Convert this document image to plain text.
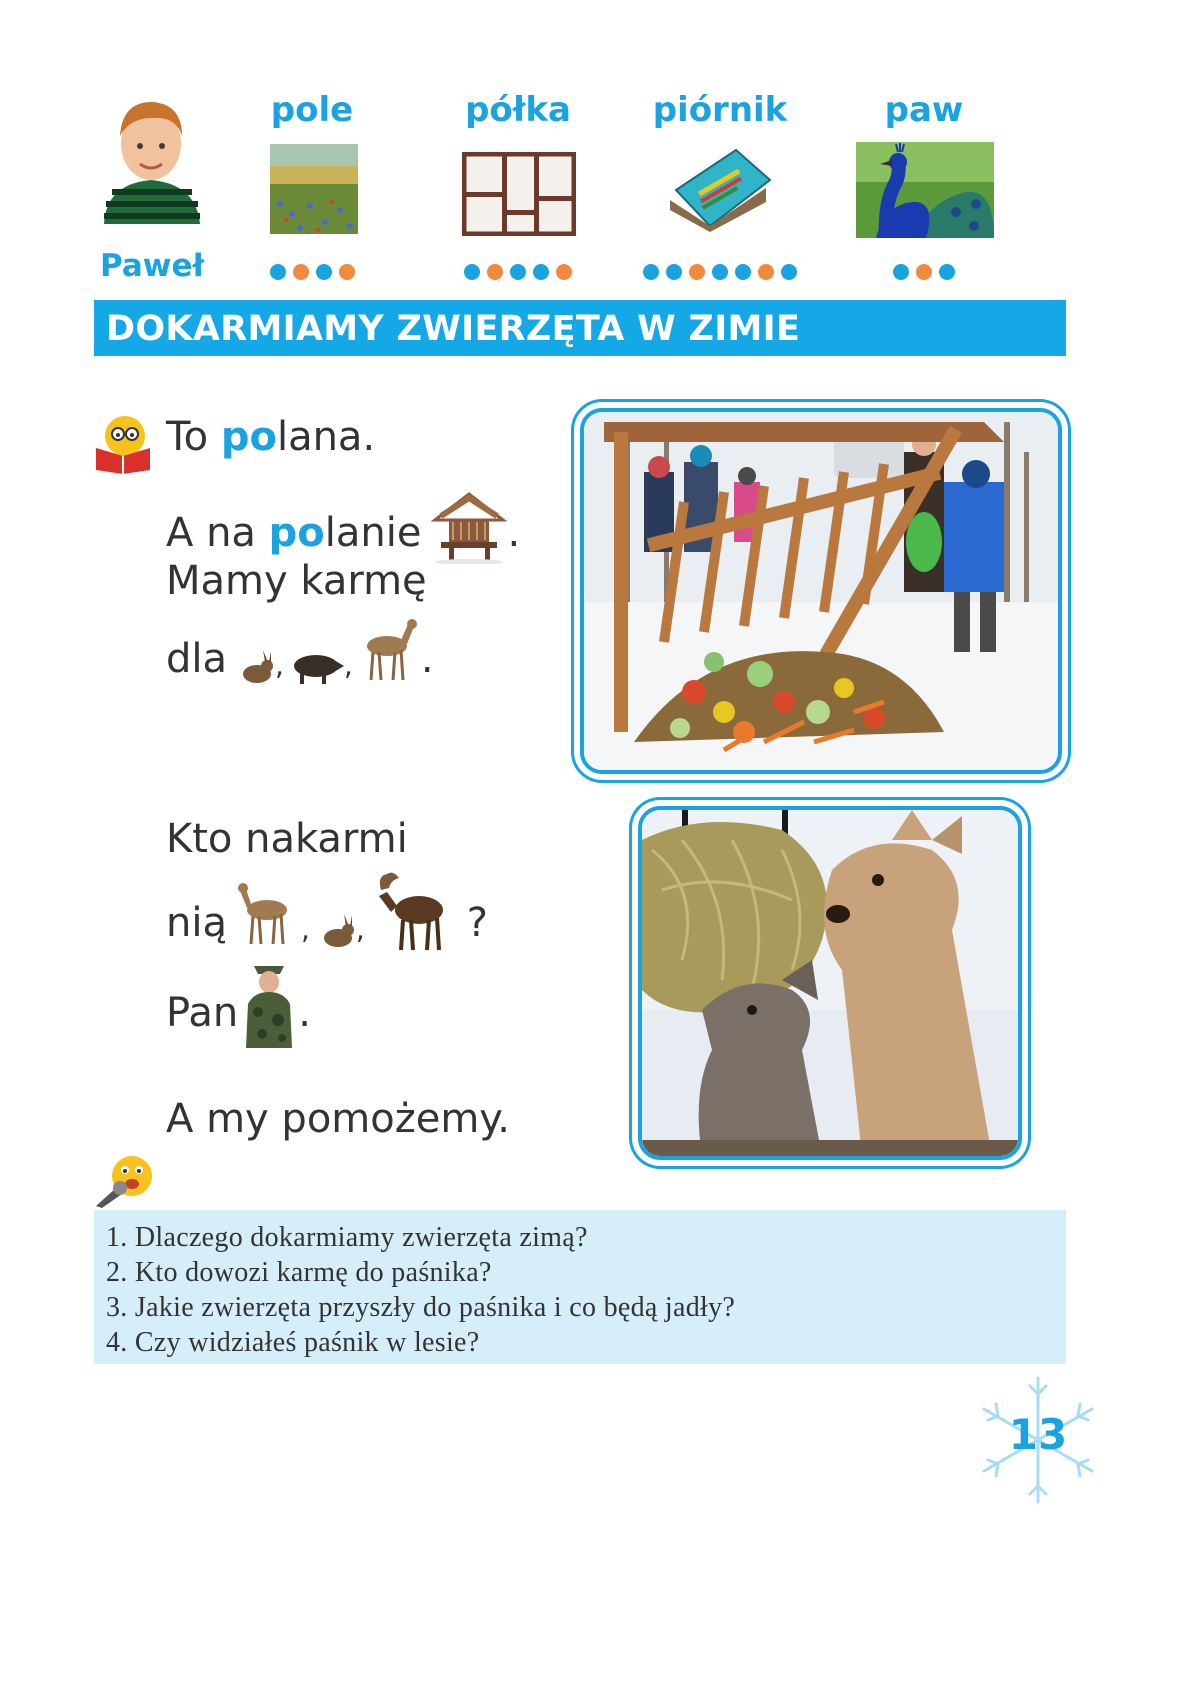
Paweł
pole	półka	piórnik	paw
DOKARMIAMY ZWIERZĘTA W ZIMIE
To polana.
A na po lanie .
Mamy karmę
dla , , .
Kto nakarmi
nią	, ,	?
Pan .
A my pomożemy.
1. Dlaczego dokarmiamy zwierzęta zimą?
2. Kto dowozi karmę do paśnika?
3. Jakie zwierzęta przyszły do paśnika i co będą jadły?
4. Czy widziałeś paśnik w lesie?
13
